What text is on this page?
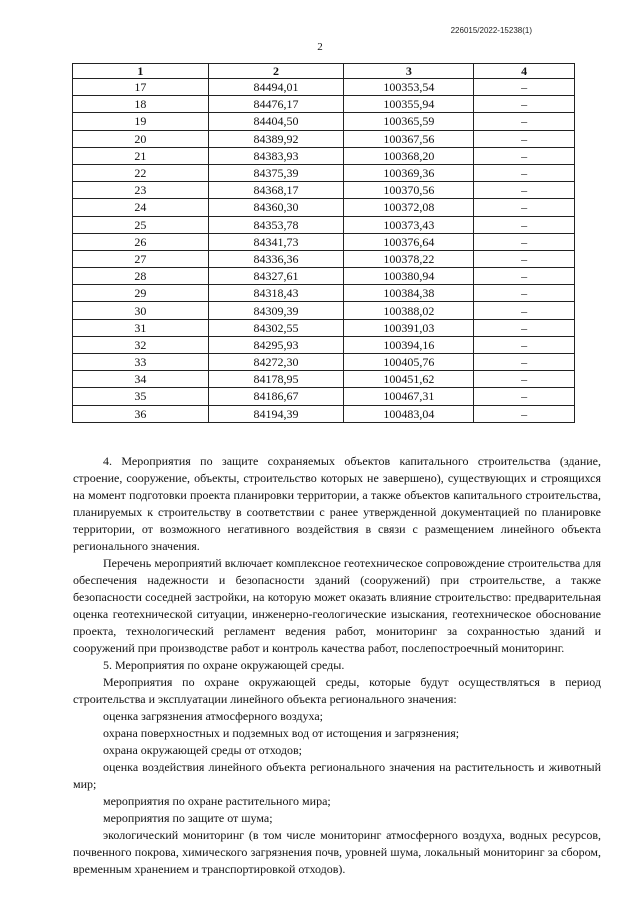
226015/2022-15238(1)
2
1	2	3	4
17	84494,01	100353,54	–
18	84476,17	100355,94	–
19	84404,50	100365,59	–
20	84389,92	100367,56	–
21	84383,93	100368,20	–
22	84375,39	100369,36	–
23	84368,17	100370,56	–
24	84360,30	100372,08	–
25	84353,78	100373,43	–
26	84341,73	100376,64	–
27	84336,36	100378,22	–
28	84327,61	100380,94	–
29	84318,43	100384,38	–
30	84309,39	100388,02	–
31	84302,55	100391,03	–
32	84295,93	100394,16	–
33	84272,30	100405,76	–
34	84178,95	100451,62	–
35	84186,67	100467,31	–
36	84194,39	100483,04	–

4. Мероприятия по защите сохраняемых объектов капитального строительства (здание, строение, сооружение, объекты, строительство которых не завершено), существующих и строящихся на момент подготовки проекта планировки территории, а также объектов капитального строительства, планируемых к строительству в соответствии с ранее утвержденной документацией по планировке территории, от возможного негативного воздействия в связи с размещением линейного объекта регионального значения.

Перечень мероприятий включает комплексное геотехническое сопровождение строительства для обеспечения надежности и безопасности зданий (сооружений) при строительстве, а также безопасности соседней застройки, на которую может оказать влияние строительство: предварительная оценка геотехнической ситуации, инженерно-геологические изыскания, геотехническое обоснование проекта, технологический регламент ведения работ, мониторинг за сохранностью зданий и сооружений при производстве работ и контроль качества работ, послепостроечный мониторинг.

5. Мероприятия по охране окружающей среды.

Мероприятия по охране окружающей среды, которые будут осуществляться в период строительства и эксплуатации линейного объекта регионального значения:

оценка загрязнения атмосферного воздуха;

охрана поверхностных и подземных вод от истощения и загрязнения;

охрана окружающей среды от отходов;

оценка воздействия линейного объекта регионального значения на растительность и животный мир;

мероприятия по охране растительного мира;

мероприятия по защите от шума;

экологический мониторинг (в том числе мониторинг атмосферного воздуха, водных ресурсов, почвенного покрова, химического загрязнения почв, уровней шума, локальный мониторинг за сбором, временным хранением и транспортировкой отходов).
